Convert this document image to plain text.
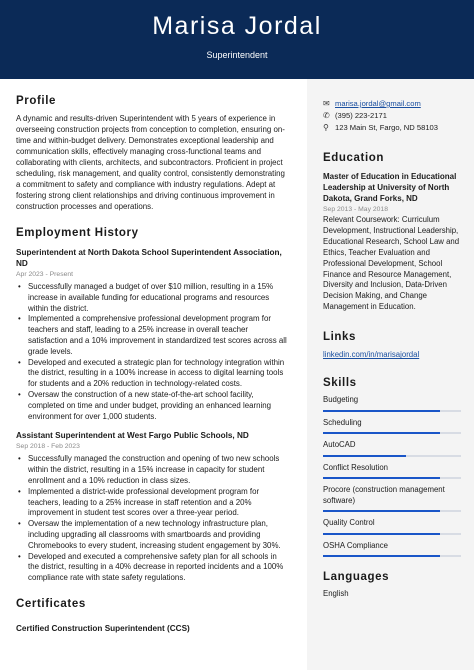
Marisa Jordal
Superintendent
Profile
A dynamic and results-driven Superintendent with 5 years of experience in overseeing construction projects from conception to completion, ensuring on-time and within-budget delivery. Demonstrates exceptional leadership and communication skills, effectively managing cross-functional teams and collaborating with clients, architects, and subcontractors. Proficient in project scheduling, risk management, and quality control, consistently demonstrating a commitment to safety and compliance with industry regulations. Adept at fostering strong client relationships and driving continuous improvement in construction processes and operations.
Employment History
Superintendent at North Dakota School Superintendent Association, ND
Apr 2023 - Present
• Successfully managed a budget of over $10 million, resulting in a 15% increase in available funding for educational programs and resources within the district.
• Implemented a comprehensive professional development program for teachers and staff, leading to a 25% increase in overall teacher satisfaction and a 10% improvement in standardized test scores across all grade levels.
• Developed and executed a strategic plan for technology integration within the district, resulting in a 100% increase in access to digital learning tools for students and a 20% reduction in technology-related costs.
• Oversaw the construction of a new state-of-the-art school facility, completed on time and under budget, providing an enhanced learning environment for over 1,000 students.
Assistant Superintendent at West Fargo Public Schools, ND
Sep 2018 - Feb 2023
• Successfully managed the construction and opening of two new schools within the district, resulting in a 15% increase in capacity for student enrollment and a 10% reduction in class sizes.
• Implemented a district-wide professional development program for teachers, leading to a 25% increase in staff retention and a 20% improvement in student test scores over a three-year period.
• Oversaw the implementation of a new technology infrastructure plan, including upgrading all classrooms with smartboards and providing Chromebooks to every student, increasing student engagement by 30%.
• Developed and executed a comprehensive safety plan for all schools in the district, resulting in a 40% decrease in reported incidents and a 100% compliance rate with state safety regulations.
Certificates
Certified Construction Superintendent (CCS)
✉ marisa.jordal@gmail.com
✆ (395) 223-2171
⚲ 123 Main St, Fargo, ND 58103
Education
Master of Education in Educational Leadership at University of North Dakota, Grand Forks, ND
Sep 2013 - May 2018
Relevant Coursework: Curriculum Development, Instructional Leadership, Educational Research, School Law and Ethics, Teacher Evaluation and Professional Development, School Finance and Resource Management, Diversity and Inclusion, Data-Driven Decision Making, and Change Management in Education.
Links
linkedin.com/in/marisajordal
Skills
Budgeting
Scheduling
AutoCAD
Conflict Resolution
Procore (construction management software)
Quality Control
OSHA Compliance
Languages
English
